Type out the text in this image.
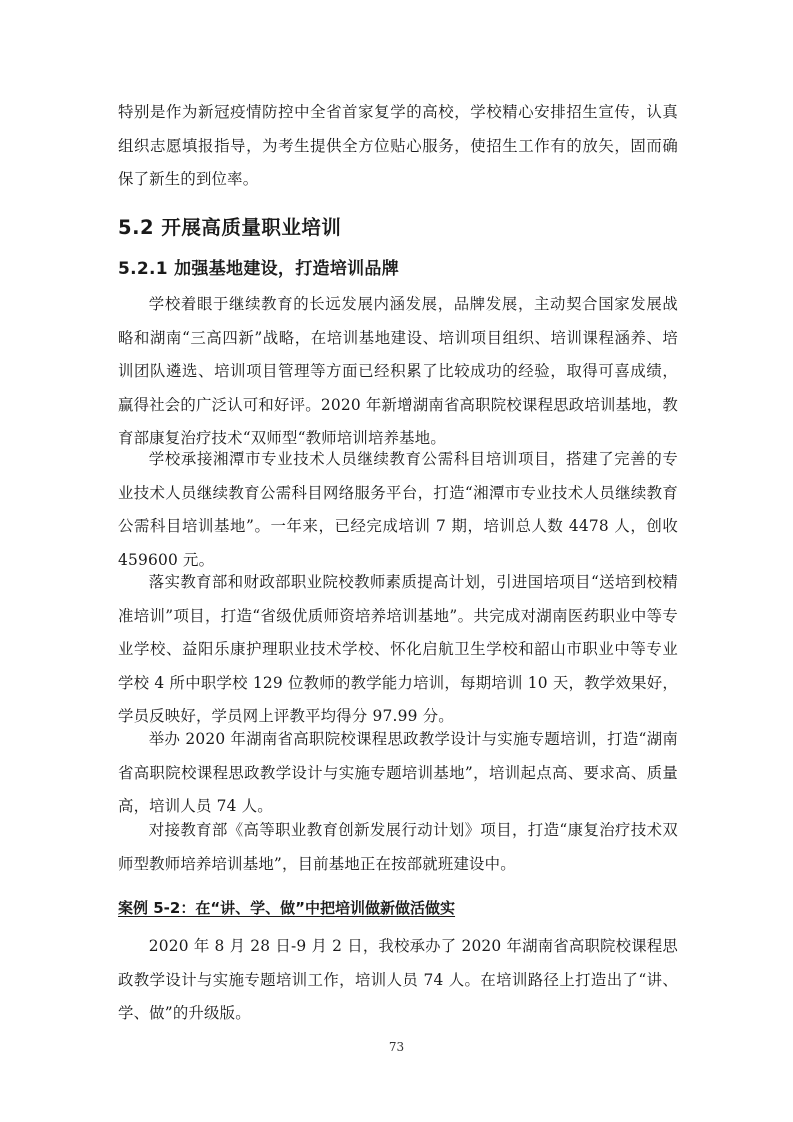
特别是作为新冠疫情防控中全省首家复学的高校，学校精心安排招生宣传，认真组织志愿填报指导，为考生提供全方位贴心服务，使招生工作有的放矢，固而确保了新生的到位率。

5.2 开展高质量职业培训
5.2.1 加强基地建设，打造培训品牌

学校着眼于继续教育的长远发展内涵发展，品牌发展，主动契合国家发展战略和湖南“三高四新”战略，在培训基地建设、培训项目组织、培训课程涵养、培训团队遴选、培训项目管理等方面已经积累了比较成功的经验，取得可喜成绩，赢得社会的广泛认可和好评。2020 年新增湖南省高职院校课程思政培训基地，教育部康复治疗技术“双师型“教师培训培养基地。

学校承接湘潭市专业技术人员继续教育公需科目培训项目，搭建了完善的专业技术人员继续教育公需科目网络服务平台，打造“湘潭市专业技术人员继续教育公需科目培训基地”。一年来，已经完成培训 7 期，培训总人数 4478 人，创收 459600 元。

落实教育部和财政部职业院校教师素质提高计划，引进国培项目“送培到校精准培训”项目，打造“省级优质师资培养培训基地”。共完成对湖南医药职业中等专业学校、益阳乐康护理职业技术学校、怀化启航卫生学校和韶山市职业中等专业学校 4 所中职学校 129 位教师的教学能力培训，每期培训 10 天，教学效果好，学员反映好，学员网上评教平均得分 97.99 分。

举办 2020 年湖南省高职院校课程思政教学设计与实施专题培训，打造“湖南省高职院校课程思政教学设计与实施专题培训基地”，培训起点高、要求高、质量高，培训人员 74 人。

对接教育部《高等职业教育创新发展行动计划》项目，打造“康复治疗技术双师型教师培养培训基地”，目前基地正在按部就班建设中。

案例 5-2：在“讲、学、做”中把培训做新做活做实

2020 年 8 月 28 日-9 月 2 日，我校承办了 2020 年湖南省高职院校课程思政教学设计与实施专题培训工作，培训人员 74 人。在培训路径上打造出了“讲、学、做”的升级版。

73
